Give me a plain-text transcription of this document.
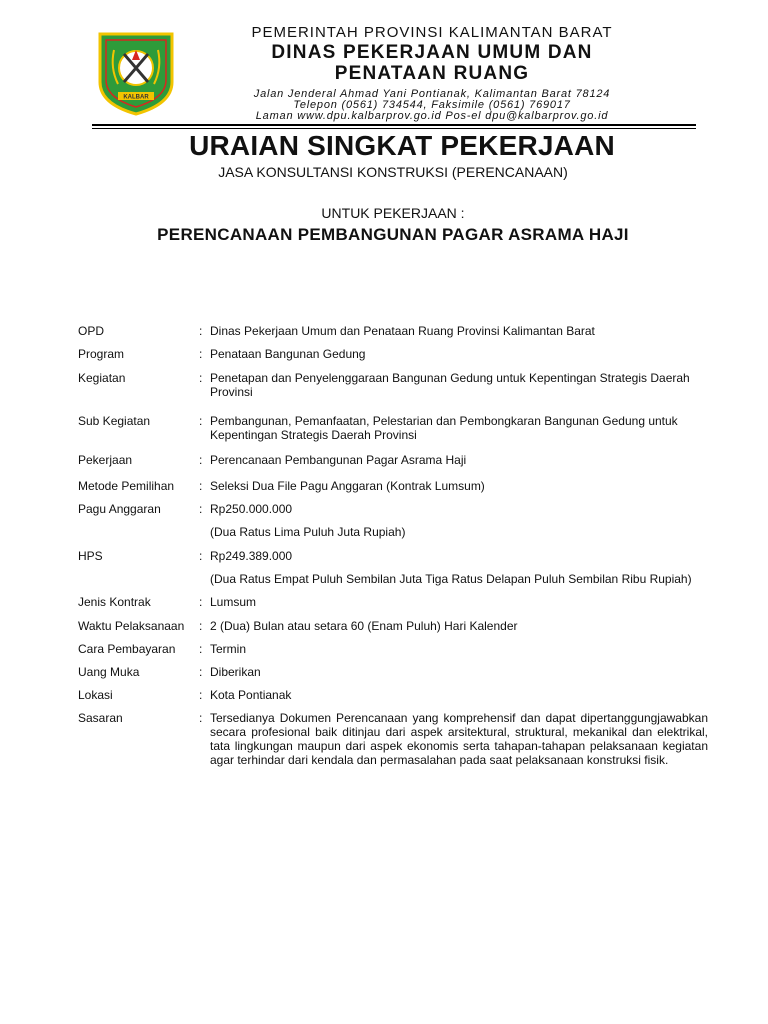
KALBAR
PEMERINTAH PROVINSI KALIMANTAN BARAT
DINAS PEKERJAAN UMUM DAN
PENATAAN RUANG
Jalan Jenderal Ahmad Yani Pontianak, Kalimantan Barat 78124
Telepon (0561) 734544, Faksimile (0561) 769017
Laman www.dpu.kalbarprov.go.id Pos-el dpu@kalbarprov.go.id
URAIAN SINGKAT PEKERJAAN
JASA KONSULTANSI KONSTRUKSI (PERENCANAAN)
UNTUK PEKERJAAN :
PERENCANAAN PEMBANGUNAN PAGAR ASRAMA HAJI
OPD	: Dinas Pekerjaan Umum dan Penataan Ruang Provinsi Kalimantan Barat
Program	: Penataan Bangunan Gedung
Kegiatan	: Penetapan dan Penyelenggaraan Bangunan Gedung untuk Kepentingan Strategis Daerah Provinsi
Sub Kegiatan	: Pembangunan, Pemanfaatan, Pelestarian dan Pembongkaran Bangunan Gedung untuk Kepentingan Strategis Daerah Provinsi
Pekerjaan	: Perencanaan Pembangunan Pagar Asrama Haji
Metode Pemilihan	: Seleksi Dua File Pagu Anggaran (Kontrak Lumsum)
Pagu Anggaran	: Rp250.000.000
(Dua Ratus Lima Puluh Juta Rupiah)
HPS	: Rp249.389.000
(Dua Ratus Empat Puluh Sembilan Juta Tiga Ratus Delapan Puluh Sembilan Ribu Rupiah)
Jenis Kontrak	: Lumsum
Waktu Pelaksanaan	: 2 (Dua) Bulan atau setara 60 (Enam Puluh) Hari Kalender
Cara Pembayaran	: Termin
Uang Muka	: Diberikan
Lokasi	: Kota Pontianak
Sasaran	: Tersedianya Dokumen Perencanaan yang komprehensif dan dapat dipertanggungjawabkan secara profesional baik ditinjau dari aspek arsitektural, struktural, mekanikal dan elektrikal, tata lingkungan maupun dari aspek ekonomis serta tahapan-tahapan pelaksanaan kegiatan agar terhindar dari kendala dan permasalahan pada saat pelaksanaan konstruksi fisik.
